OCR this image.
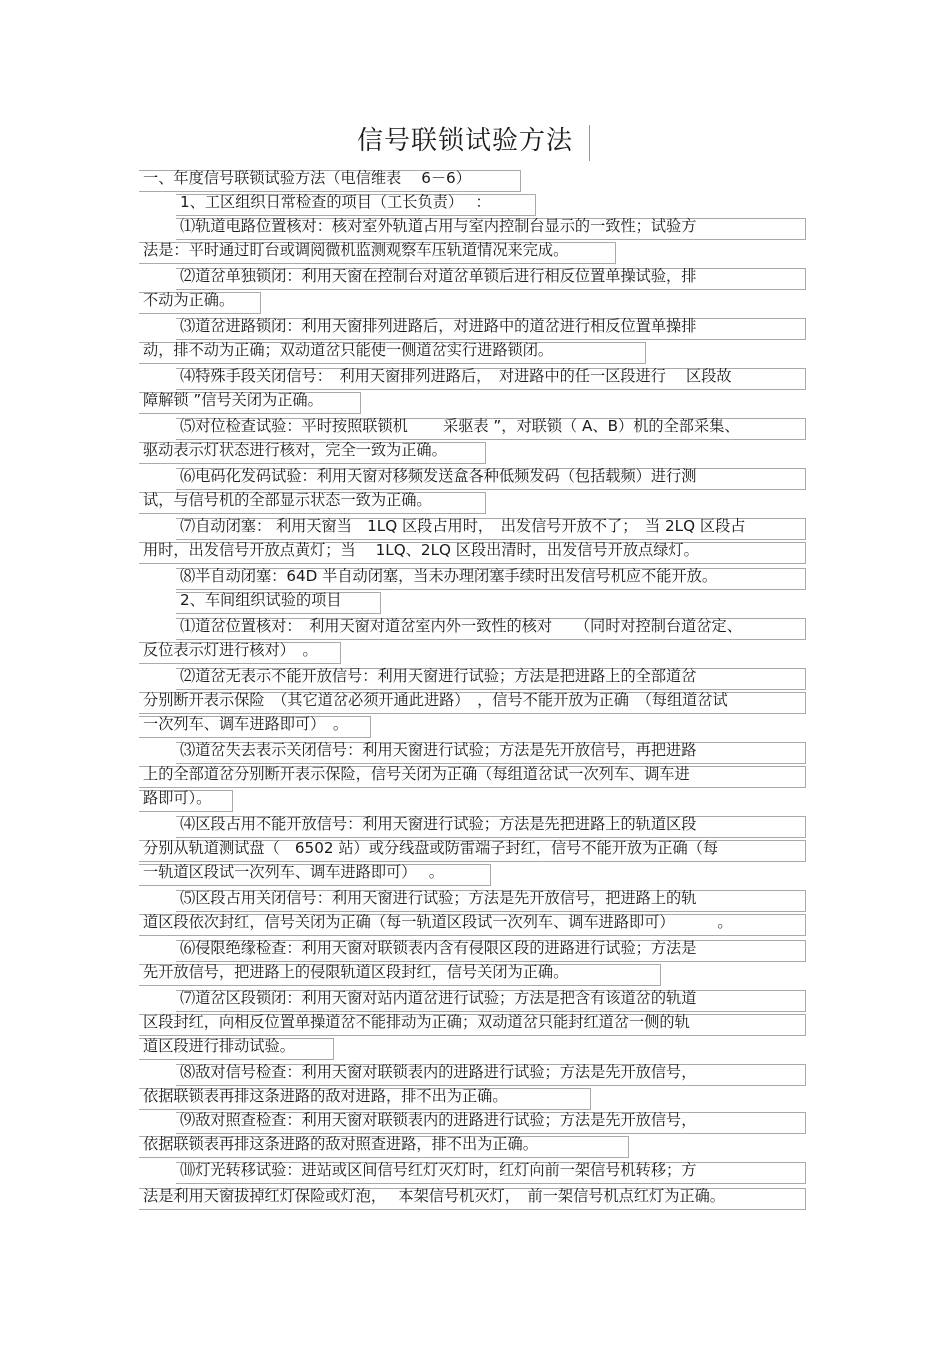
信号联锁试验方法
一、年度信号联锁试验方法（电信维表　 6－6）
1、工区组织日常检查的项目（工长负责）　 ：
⑴轨道电路位置核对：核对室外轨道占用与室内控制台显示的一致性；试验方
法是：平时通过盯台或调阅微机监测观察车压轨道情况来完成。
⑵道岔单独锁闭：利用天窗在控制台对道岔单锁后进行相反位置单操试验，排
不动为正确。
⑶道岔进路锁闭：利用天窗排列进路后，对进路中的道岔进行相反位置单操排
动，排不动为正确；双动道岔只能使一侧道岔实行进路锁闭。
⑷特殊手段关闭信号：　利用天窗排列进路后，　对进路中的任一区段进行　 区段故
障解锁 ”信号关闭为正确。
⑸对位检查试验：平时按照联锁机　　 采驱表 ”，对联锁（ A、B）机的全部采集、
驱动表示灯状态进行核对，完全一致为正确。
⑹电码化发码试验：利用天窗对移频发送盒各种低频发码（包括载频）进行测
试，与信号机的全部显示状态一致为正确。
⑺自动闭塞： 利用天窗当　1LQ 区段占用时，　出发信号开放不了；　当 2LQ 区段占
用时，出发信号开放点黄灯；当　 1LQ、2LQ 区段出清时，出发信号开放点绿灯。
⑻半自动闭塞：64D 半自动闭塞，当未办理闭塞手续时出发信号机应不能开放。
2、车间组织试验的项目
⑴道岔位置核对：　利用天窗对道岔室内外一致性的核对　　（同时对控制台道岔定、
反位表示灯进行核对）　。
⑵道岔无表示不能开放信号：利用天窗进行试验；方法是把进路上的全部道岔
分别断开表示保险　（其它道岔必须开通此进路）　，信号不能开放为正确　（每组道岔试
一次列车、调车进路即可）　。
⑶道岔失去表示关闭信号：利用天窗进行试验；方法是先开放信号，再把进路
上的全部道岔分别断开表示保险，信号关闭为正确（每组道岔试一次列车、调车进
路即可）。
⑷区段占用不能开放信号：利用天窗进行试验；方法是先把进路上的轨道区段
分别从轨道测试盘（　6502 站）或分线盘或防雷端子封红，信号不能开放为正确（每
一轨道区段试一次列车、调车进路即可）　 。
⑸区段占用关闭信号：利用天窗进行试验；方法是先开放信号，把进路上的轨
道区段依次封红，信号关闭为正确（每一轨道区段试一次列车、调车进路即可）　　　 。
⑹侵限绝缘检查：利用天窗对联锁表内含有侵限区段的进路进行试验；方法是
先开放信号，把进路上的侵限轨道区段封红，信号关闭为正确。
⑺道岔区段锁闭：利用天窗对站内道岔进行试验；方法是把含有该道岔的轨道
区段封红，向相反位置单操道岔不能排动为正确；双动道岔只能封红道岔一侧的轨
道区段进行排动试验。
⑻敌对信号检查：利用天窗对联锁表内的进路进行试验；方法是先开放信号，
依据联锁表再排这条进路的敌对进路，排不出为正确。
⑼敌对照查检查：利用天窗对联锁表内的进路进行试验；方法是先开放信号，
依据联锁表再排这条进路的敌对照查进路，排不出为正确。
⑽灯光转移试验：进站或区间信号红灯灭灯时，红灯向前一架信号机转移；方
法是利用天窗拔掉红灯保险或灯泡，　 本架信号机灭灯，　前一架信号机点红灯为正确。
